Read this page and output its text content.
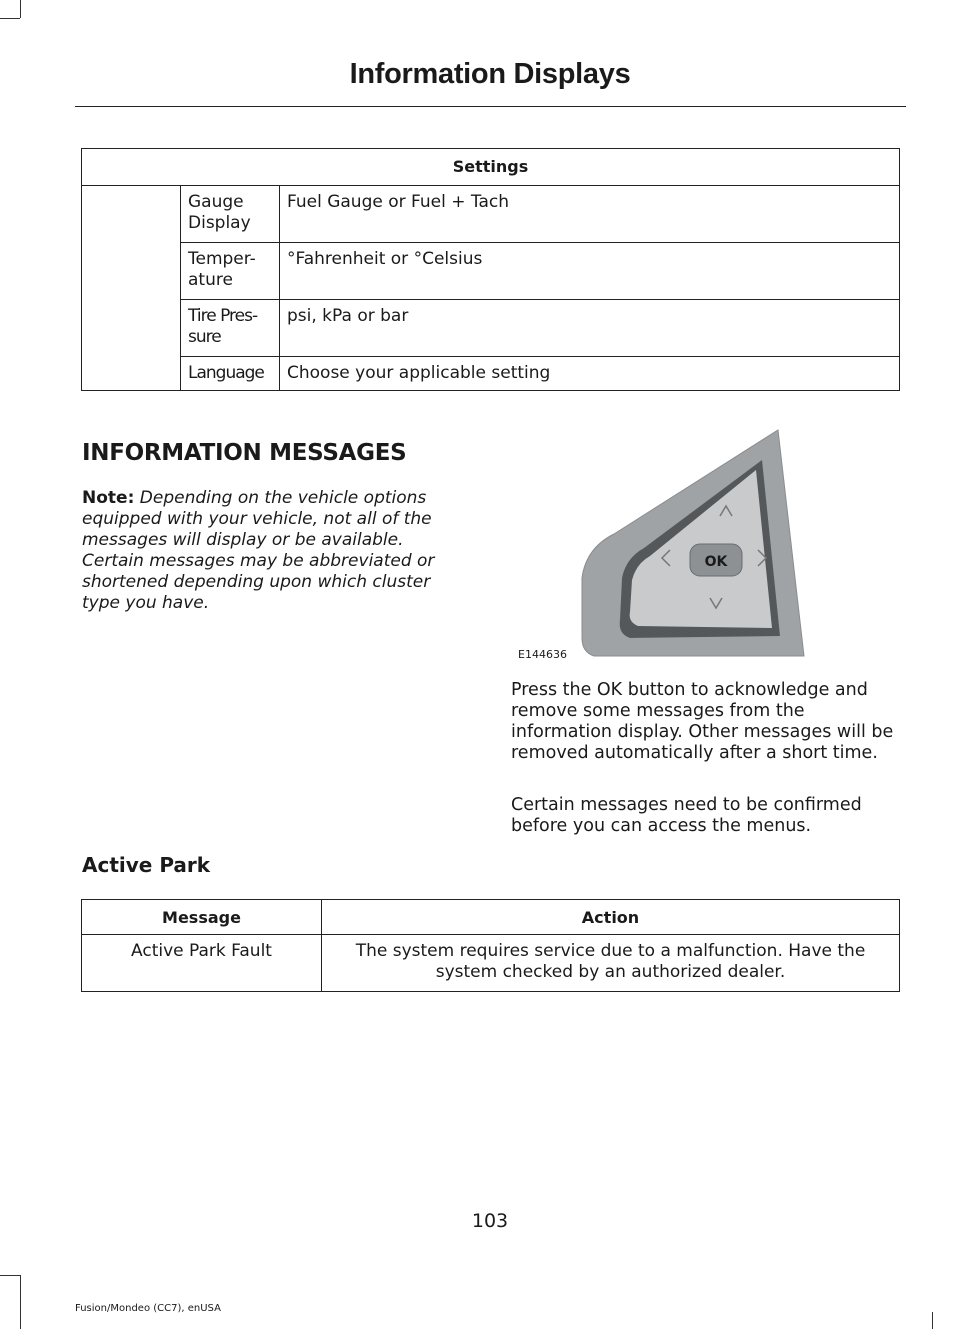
Information Displays
Settings		
	Gauge Display	Fuel Gauge or Fuel + Tach
	Temper-ature	°Fahrenheit or °Celsius
	Tire Pres-sure	psi, kPa or bar
	Language	Choose your applicable setting
INFORMATION MESSAGES
Note: Depending on the vehicle options equipped with your vehicle, not all of the messages will display or be available. Certain messages may be abbreviated or shortened depending upon which cluster type you have.
OK
E144636
Press the OK button to acknowledge and remove some messages from the information display. Other messages will be removed automatically after a short time.
Certain messages need to be confirmed before you can access the menus.
Active Park
Message	Action
Active Park Fault	The system requires service due to a malfunction. Have the system checked by an authorized dealer.
103
Fusion/Mondeo (CC7), enUSA
